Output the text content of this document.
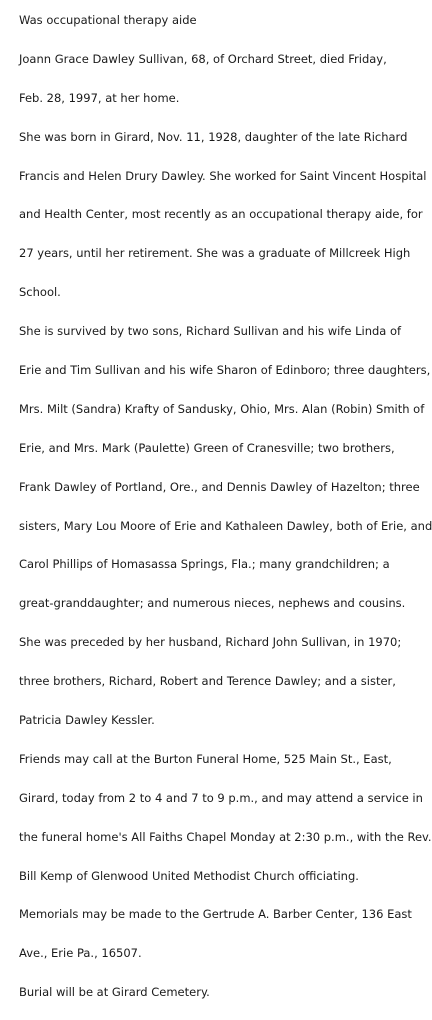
Was occupational therapy aide
Joann Grace Dawley Sullivan, 68, of Orchard Street, died Friday,
Feb. 28, 1997, at her home.
She was born in Girard, Nov. 11, 1928, daughter of the late Richard
Francis and Helen Drury Dawley. She worked for Saint Vincent Hospital
and Health Center, most recently as an occupational therapy aide, for
27 years, until her retirement. She was a graduate of Millcreek High
School.
She is survived by two sons, Richard Sullivan and his wife Linda of
Erie and Tim Sullivan and his wife Sharon of Edinboro; three daughters,
Mrs. Milt (Sandra) Krafty of Sandusky, Ohio, Mrs. Alan (Robin) Smith of
Erie, and Mrs. Mark (Paulette) Green of Cranesville; two brothers,
Frank Dawley of Portland, Ore., and Dennis Dawley of Hazelton; three
sisters, Mary Lou Moore of Erie and Kathaleen Dawley, both of Erie, and
Carol Phillips of Homasassa Springs, Fla.; many grandchildren; a
great-granddaughter; and numerous nieces, nephews and cousins.
She was preceded by her husband, Richard John Sullivan, in 1970;
three brothers, Richard, Robert and Terence Dawley; and a sister,
Patricia Dawley Kessler.
Friends may call at the Burton Funeral Home, 525 Main St., East,
Girard, today from 2 to 4 and 7 to 9 p.m., and may attend a service in
the funeral home's All Faiths Chapel Monday at 2:30 p.m., with the Rev.
Bill Kemp of Glenwood United Methodist Church officiating.
Memorials may be made to the Gertrude A. Barber Center, 136 East
Ave., Erie Pa., 16507.
Burial will be at Girard Cemetery.
